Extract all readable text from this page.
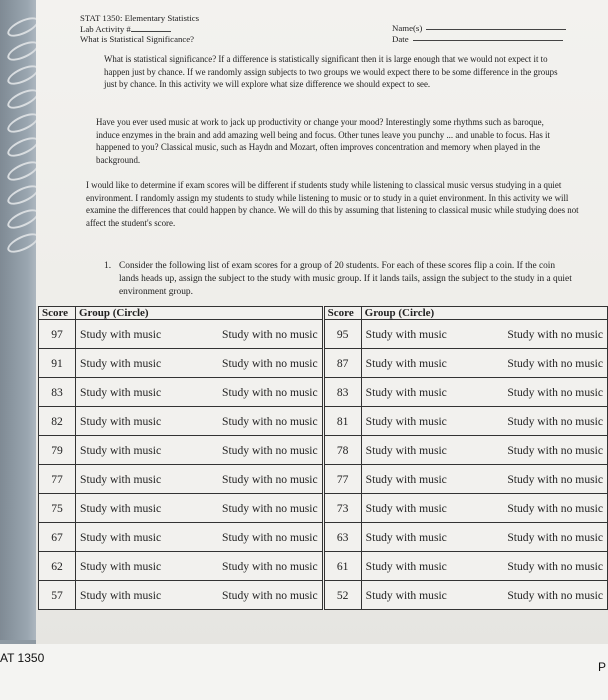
STAT 1350: Elementary Statistics
Lab Activity #
What is Statistical Significance?
Name(s)
Date
What is statistical significance? If a difference is statistically significant then it is large enough that we would not expect it to happen just by chance. If we randomly assign subjects to two groups we would expect there to be some difference in the groups just by chance. In this activity we will explore what size difference we should expect to see.
Have you ever used music at work to jack up productivity or change your mood? Interestingly some rhythms such as baroque, induce enzymes in the brain and add amazing well being and focus. Other tunes leave you punchy ... and unable to focus. Has it happened to you? Classical music, such as Haydn and Mozart, often improves concentration and memory when played in the background.
I would like to determine if exam scores will be different if students study while listening to classical music versus studying in a quiet environment. I randomly assign my students to study while listening to music or to study in a quiet environment. In this activity we will examine the differences that could happen by chance. We will do this by assuming that listening to classical music while studying does not affect the student's score.
1. Consider the following list of exam scores for a group of 20 students. For each of these scores flip a coin. If the coin lands heads up, assign the subject to the study with music group. If it lands tails, assign the subject to the study in a quiet environment group.
Score	Group (Circle)	Score	Group (Circle)
97	Study with music Study with no music	95	Study with music Study with no music

91	Study with music Study with no music	87	Study with music Study with no music

83	Study with music Study with no music	83	Study with music Study with no music

82	Study with music Study with no music	81	Study with music Study with no music

79	Study with music Study with no music	78	Study with music Study with no music

77	Study with music Study with no music	77	Study with music Study with no music

75	Study with music Study with no music	73	Study with music Study with no music

67	Study with music Study with no music	63	Study with music Study with no music

62	Study with music Study with no music	61	Study with music Study with no music

57	Study with music Study with no music	52	Study with music Study with no music
AT 1350
P
